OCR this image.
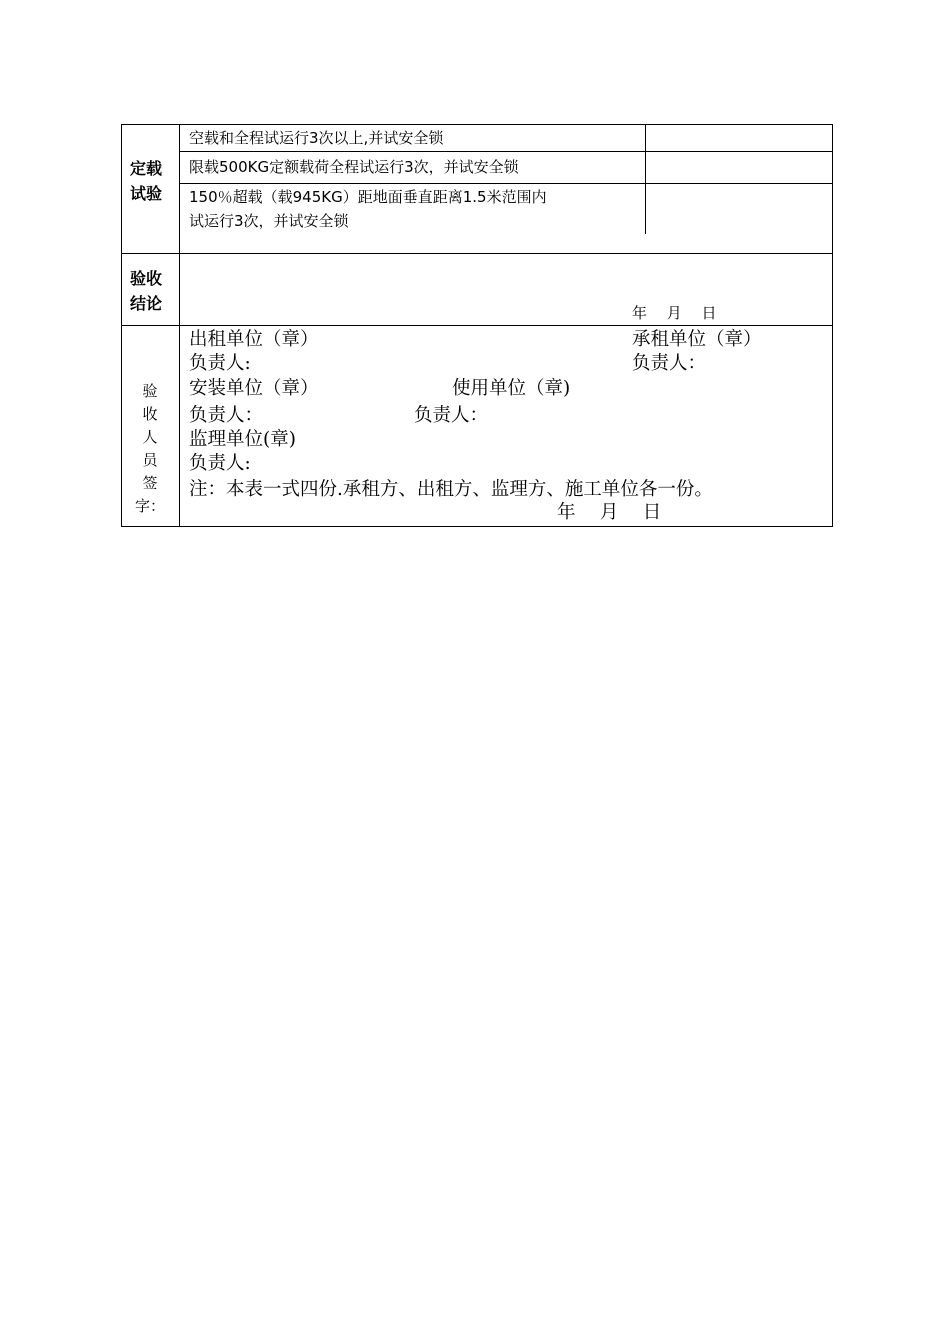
定载
试验
空载和全程试运行3次以上,并试安全锁
限载500KG定额载荷全程试运行3次，并试安全锁
150％超载（载945KG）距地面垂直距离1.5米范围内
试运行3次，并试安全锁
验收
结论	年　 月　 日
验
收
人
员
签
字：
出租单位（章）	承租单位（章）
负责人:	负责人：
安装单位（章）	使用单位（章)
负责人：	负责人：
监理单位(章)
负责人:
注：本表一式四份.承租方、出租方、监理方、施工单位各一份。
年　 月　 日
